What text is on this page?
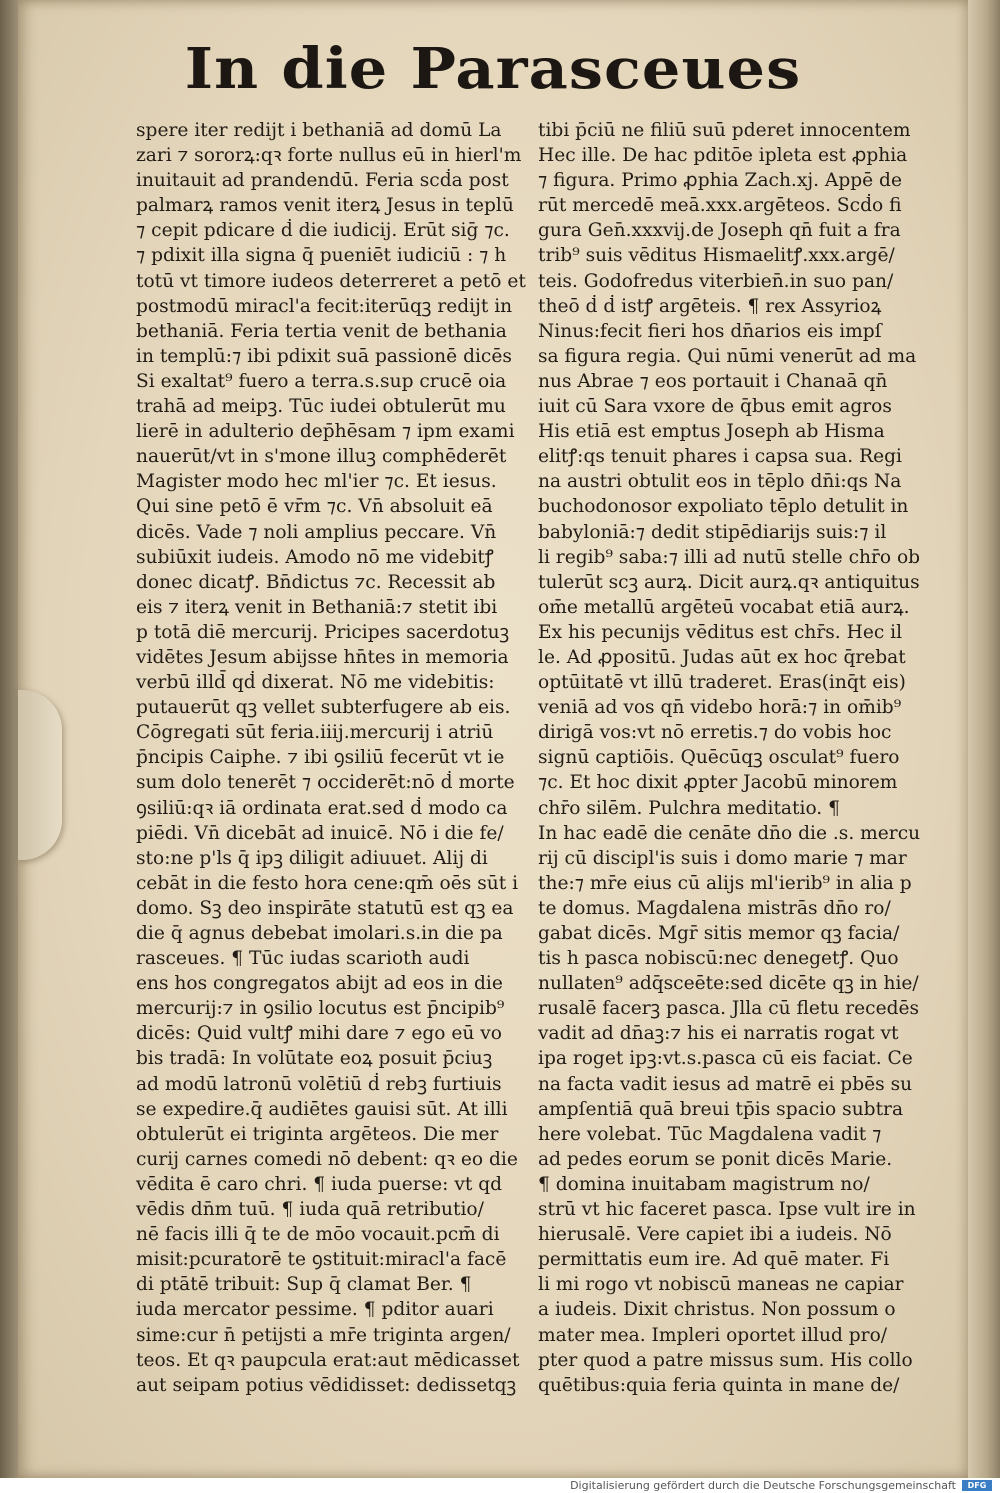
In die Parasceues
spere iter redijt i bethaniā ad domū La
zari ⁊ sororꝝ:qꝛ forte nullus eū in hierl'm
inuitauit ad prandendū. Feria scḋa post
palmarꝝ ramos venit iterꝝ Jesus in teplū
⁊ cepit pdicare ḋ die iudicij. Erūt sig͏̄ ⁊c.
⁊ pdixit illa signa q̄ pueniēt iudiciū : ⁊ h
totū vt timore iudeos deterreret a petō et
postmodū miracl'a fecit:iterūqꝫ redijt in
bethaniā. Feria tertia venit de bethania
in templū:⁊ ibi pdixit suā passionē dicēs
Si exaltat⁹ fuero a terra.s.sup crucē oia
trahā ad meipꝫ. Tūc iudei obtulerūt mu
lierē in adulterio dep̄hēsam ⁊ ipm exami
nauerūt/vt in s'mone illuꝫ comphēderēt
Magister modo hec ml'ier ⁊c. Et iesus.
Qui sine petō ē vr̄m ⁊c. Vn̄ absoluit eā
dicēs. Vade ⁊ noli amplius peccare. Vn̄
subiūxit iudeis. Amodo nō me videbitꝭ
donec dicatꝭ. Bn̄dictus ⁊c. Recessit ab
eis ⁊ iterꝝ venit in Bethaniā:⁊ stetit ibi
p totā diē mercurij. Pricipes sacerdotuꝫ
vidētes Jesum abijsse hn̄tes in memoria
verbū illd̄ qḋ dixerat. Nō me videbitis:
putauerūt qꝫ vellet subterfugere ab eis.
Cōgregati sūt feria.iiij.mercurij i atriū
p̄ncipis Caiphe. ⁊ ibi ꝯsiliū fecerūt vt ie
sum dolo tenerēt ⁊ occiderēt:nō ḋ morte
ꝯsiliū:qꝛ iā ordinata erat.sed ḋ modo ca
piēdi. Vn̄ dicebāt ad inuicē. Nō i die fe/
sto:ne p'ls q̄ ipꝫ diligit adiuuet. Alij di
cebāt in die festo hora cene:qm̄ oēs sūt i
domo. Sꝫ deo inspirāte statutū est qꝫ ea
die q̄ agnus debebat imolari.s.in die pa
rasceues. ¶ Tūc iudas scarioth audi
ens hos congregatos abijt ad eos in die
mercurij:⁊ in ꝯsilio locutus est p̄ncipib⁹
dicēs: Quid vultꝭ mihi dare ⁊ ego eū vo
bis tradā: In volūtate eoꝝ posuit p̄ciuꝫ
ad modū latronū volētiū ḋ rebꝫ furtiuis
se expedire.q̄ audiētes gauisi sūt. At illi
obtulerūt ei triginta argēteos. Die mer
curij carnes comedi nō debent: qꝛ eo die
vēdita ē caro chri. ¶ iuda puerse: vt qd
vēdis dn̄m tuū. ¶ iuda quā retributio/
nē facis illi q̄ te de mōo vocauit.pcm̄ di
misit:pcuratorē te ꝯstituit:miracl'a facē
di ptātē tribuit: Sup q̄ clamat Ber. ¶
iuda mercator pessime. ¶ pditor auari
sime:cur n̄ petijsti a mr̄e triginta argen/
teos. Et qꝛ paupcula erat:aut mēdicasset
aut seipam potius vēdidisset: dedissetqꝫ
tibi p̄ciū ne filiū suū pderet innocentem
Hec ille. De hac pditōe ipleta est ꝓphia
⁊ figura. Primo ꝓphia Zach.xj. Appē de
rūt mercedē meā.xxx.argēteos. Scḋo fi
gura Gen̄.xxxvij.de Joseph qn̄ fuit a fra
trib⁹ suis vēditus Hismaelitꝭ.xxx.argē/
teis. Godofredus viterbien̄.in suo pan/
theō ḋ ḋ istꝭ argēteis. ¶ rex Assyrioꝝ
Ninus:fecit fieri hos dn̄arios eis impſ
sa figura regia. Qui nūmi venerūt ad ma
nus Abrae ⁊ eos portauit i Chanaā qn̄
iuit cū Sara vxore de q̄bus emit agros
His etiā est emptus Joseph ab Hisma
elitꝭ:qs tenuit phares i capsa sua. Regi
na austri obtulit eos in tēplo dn̄i:qs Na
buchodonosor expoliato tēplo detulit in
babyloniā:⁊ dedit stipēdiarijs suis:⁊ il
li regib⁹ saba:⁊ illi ad nutū stelle chr̄o ob
tulerūt scꝫ aurꝝ. Dicit aurꝝ.qꝛ antiquitus
om̄e metallū argēteū vocabat etiā aurꝝ.
Ex his pecunijs vēditus est chr̄s. Hec il
le. Ad ꝓpositū. Judas aūt ex hoc q̄rebat
optūitatē vt illū traderet. Eras(inq̄t eis)
veniā ad vos qn̄ videbo horā:⁊ in om̄ib⁹
dirigā vos:vt nō erretis.⁊ do vobis hoc
signū captiōis. Quēcūqꝫ osculat⁹ fuero
⁊c. Et hoc dixit ꝓpter Jacobū minorem
chr̄o silēm. Pulchra meditatio. ¶
In hac eadē die cenāte dn̄o die .s. mercu
rij cū discipl'is suis i domo marie ⁊ mar
the:⁊ mr̄e eius cū alijs ml'ierib⁹ in alia p
te domus. Magdalena mistrās dn̄o ro/
gabat dicēs. Mgr̄ sitis memor qꝫ facia/
tis h pasca nobiscū:nec denegetꝭ. Quo
nullaten⁹ adq̄sceēte:sed dicēte qꝫ in hie/
rusalē facerꝫ pasca. Jlla cū fletu recedēs
vadit ad dn̄aꝫ:⁊ his ei narratis rogat vt
ipa roget ipꝫ:vt.s.pasca cū eis faciat. Ce
na facta vadit iesus ad matrē ei pbēs su
ampſentiā quā breui tp̄is spacio subtra
here volebat. Tūc Magdalena vadit ⁊
ad pedes eorum se ponit dicēs Marie.
¶ domina inuitabam magistrum no/
strū vt hic faceret pasca. Ipse vult ire in
hierusalē. Vere capiet ibi a iudeis. Nō
permittatis eum ire. Ad quē mater. Fi
li mi rogo vt nobiscū maneas ne capiar
a iudeis. Dixit christus. Non possum o
mater mea. Impleri oportet illud pro/
pter quod a patre missus sum. His collo
quētibus:quia feria quinta in mane de/
Digitalisierung gefördert durch die Deutsche Forschungsgemeinschaft	DFG
